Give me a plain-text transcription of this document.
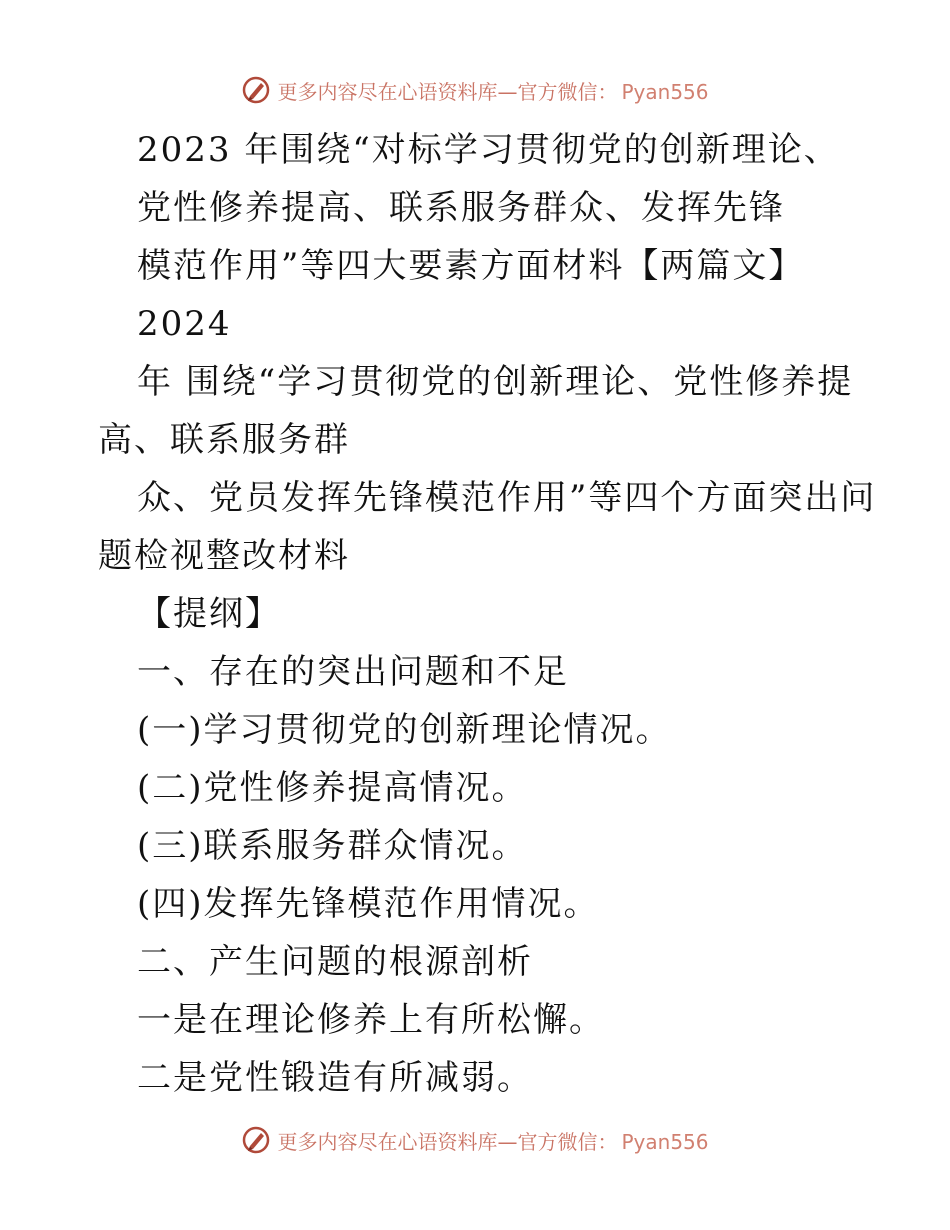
更多内容尽在心语资料库—官方微信： Pyan556
2023 年围绕“对标学习贯彻党的创新理论、
党性修养提高、联系服务群众、发挥先锋
模范作用”等四大要素方面材料【两篇文】
2024
年 围绕“学习贯彻党的创新理论、党性修养提
高、联系服务群
众、党员发挥先锋模范作用”等四个方面突出问
题检视整改材料
【提纲】
一、存在的突出问题和不足
(一)学习贯彻党的创新理论情况。
(二)党性修养提高情况。
(三)联系服务群众情况。
(四)发挥先锋模范作用情况。
二、产生问题的根源剖析
一是在理论修养上有所松懈。
二是党性锻造有所减弱。
更多内容尽在心语资料库—官方微信： Pyan556
